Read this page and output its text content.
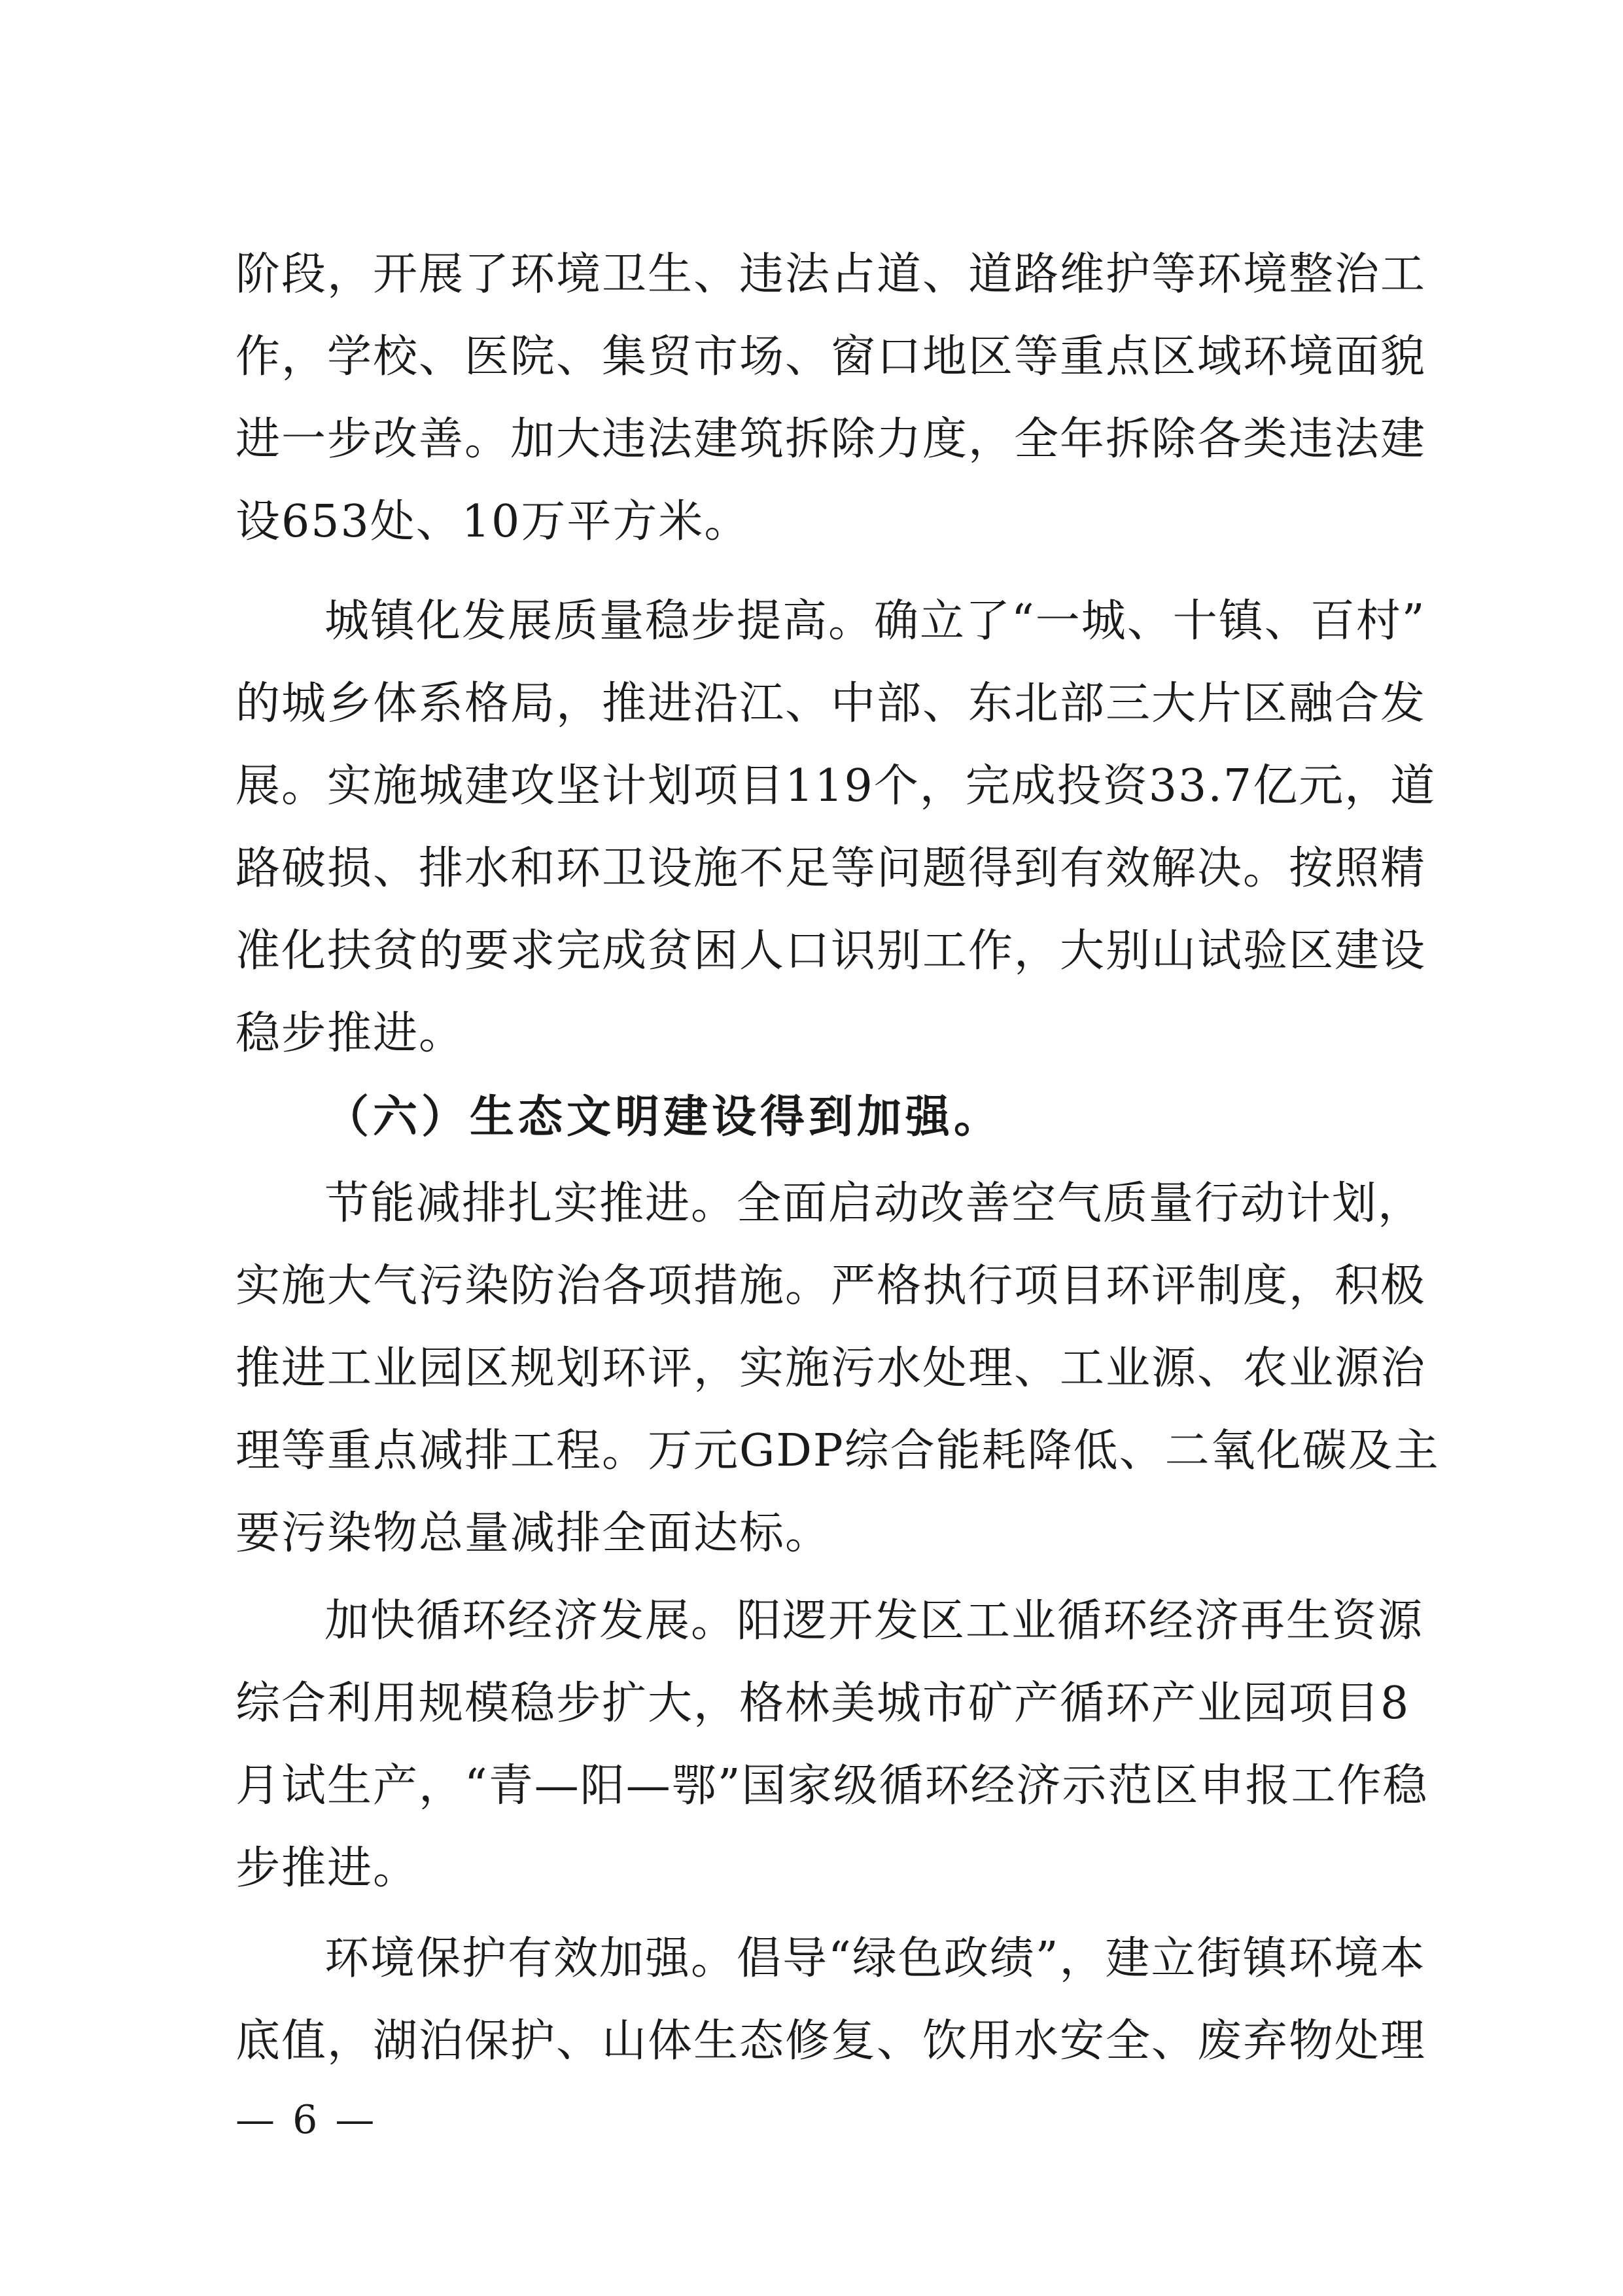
阶段，开展了环境卫生、违法占道、道路维护等环境整治工
作，学校、医院、集贸市场、窗口地区等重点区域环境面貌
进一步改善。加大违法建筑拆除力度，全年拆除各类违法建
设653处、10万平方米。
城镇化发展质量稳步提高。确立了“一城、十镇、百村”
的城乡体系格局，推进沿江、中部、东北部三大片区融合发
展。实施城建攻坚计划项目119个，完成投资33.7亿元，道
路破损、排水和环卫设施不足等问题得到有效解决。按照精
准化扶贫的要求完成贫困人口识别工作，大别山试验区建设
稳步推进。
（六）生态文明建设得到加强。
节能减排扎实推进。全面启动改善空气质量行动计划，
实施大气污染防治各项措施。严格执行项目环评制度，积极
推进工业园区规划环评，实施污水处理、工业源、农业源治
理等重点减排工程。万元GDP综合能耗降低、二氧化碳及主
要污染物总量减排全面达标。
加快循环经济发展。阳逻开发区工业循环经济再生资源
综合利用规模稳步扩大，格林美城市矿产循环产业园项目8
月试生产，“青—阳—鄂”国家级循环经济示范区申报工作稳
步推进。
环境保护有效加强。倡导“绿色政绩”，建立街镇环境本
底值，湖泊保护、山体生态修复、饮用水安全、废弃物处理
— 6 —
